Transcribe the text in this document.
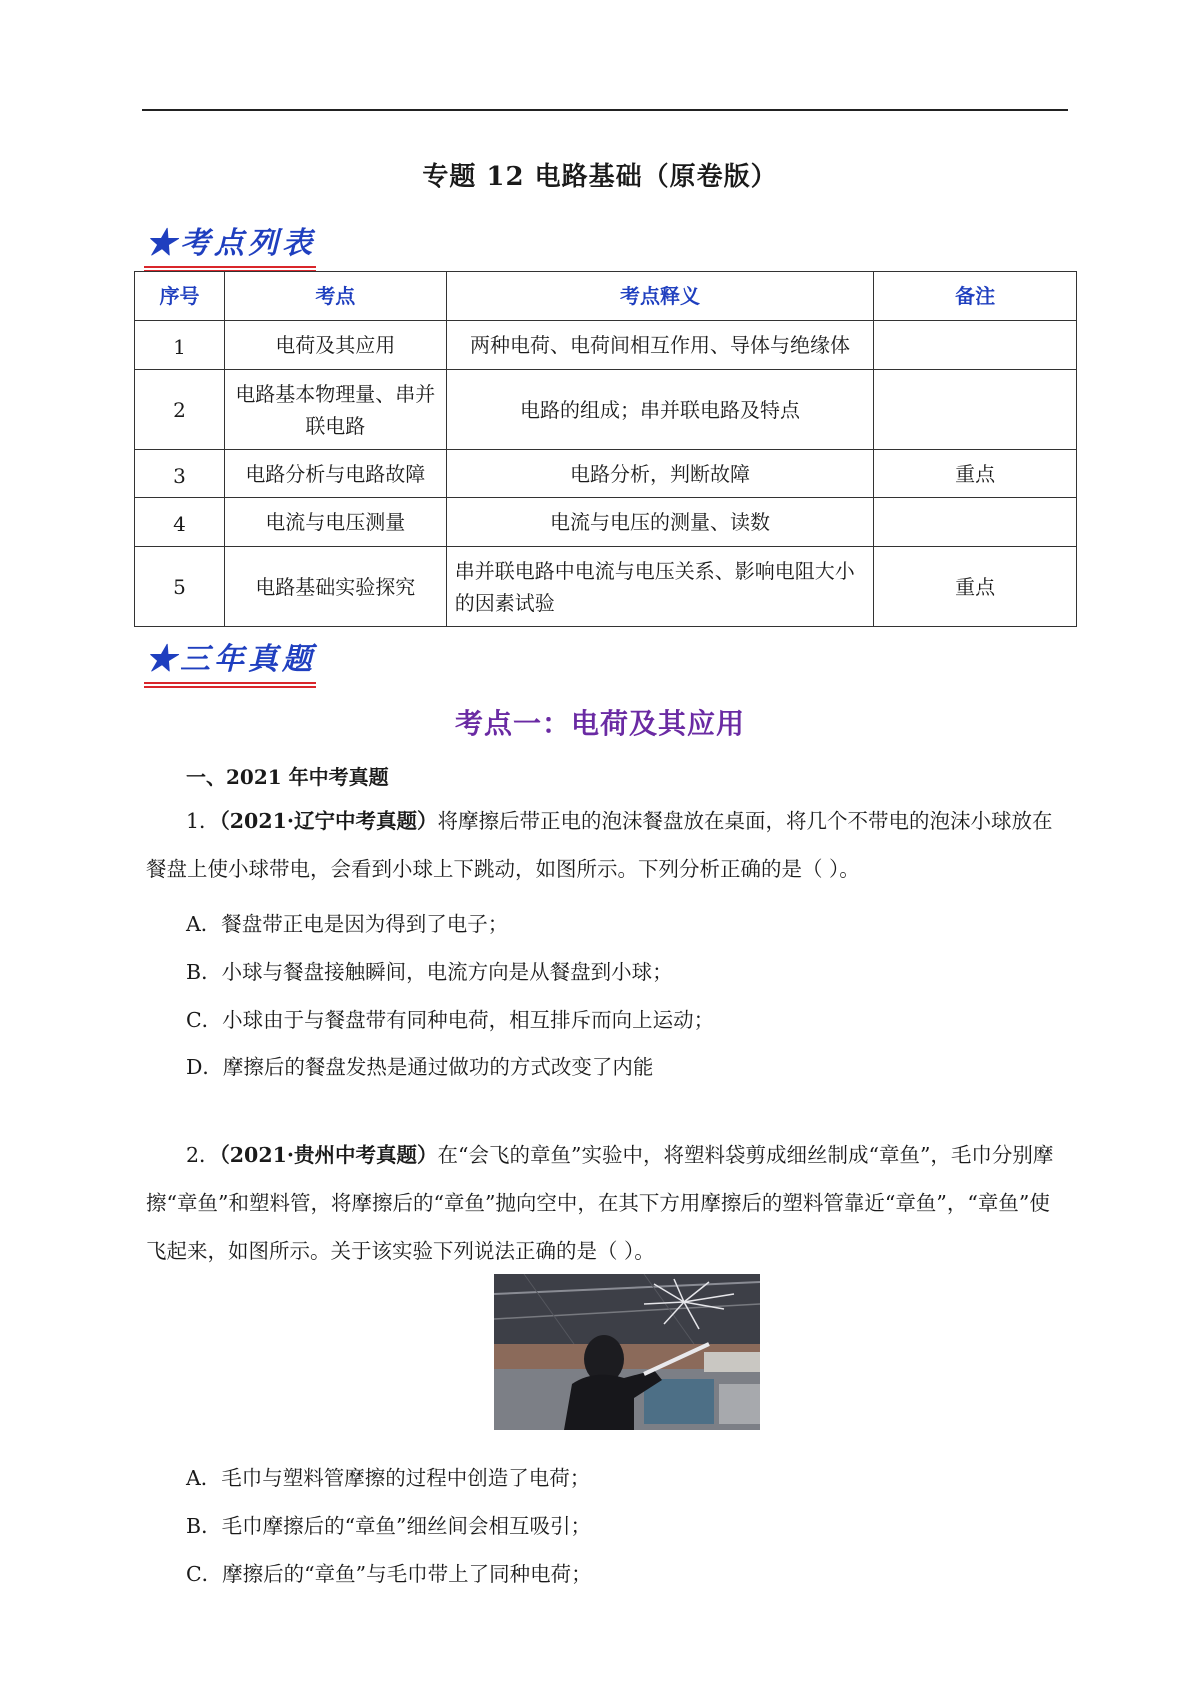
专题 12 电路基础（原卷版）
★考点列表
序号	考点	考点释义	备注
1	电荷及其应用	两种电荷、电荷间相互作用、导体与绝缘体	
2	电路基本物理量、串并联电路	电路的组成；串并联电路及特点	
3	电路分析与电路故障	电路分析，判断故障	重点
4	电流与电压测量	电流与电压的测量、读数	
5	电路基础实验探究	串并联电路中电流与电压关系、影响电阻大小的因素试验	重点
★三年真题
考点一：电荷及其应用
一、2021 年中考真题
1．（2021·辽宁中考真题）将摩擦后带正电的泡沫餐盘放在桌面，将几个不带电的泡沫小球放在餐盘上使小球带电，会看到小球上下跳动，如图所示。下列分析正确的是（ ）。
A．餐盘带正电是因为得到了电子；
B．小球与餐盘接触瞬间，电流方向是从餐盘到小球；
C．小球由于与餐盘带有同种电荷，相互排斥而向上运动；
D．摩擦后的餐盘发热是通过做功的方式改变了内能
2．（2021·贵州中考真题）在“会飞的章鱼”实验中，将塑料袋剪成细丝制成“章鱼”，毛巾分别摩擦“章鱼”和塑料管，将摩擦后的“章鱼”抛向空中，在其下方用摩擦后的塑料管靠近“章鱼”，“章鱼”使飞起来，如图所示。关于该实验下列说法正确的是（ ）。
A．毛巾与塑料管摩擦的过程中创造了电荷；
B．毛巾摩擦后的“章鱼”细丝间会相互吸引；
C．摩擦后的“章鱼”与毛巾带上了同种电荷；
